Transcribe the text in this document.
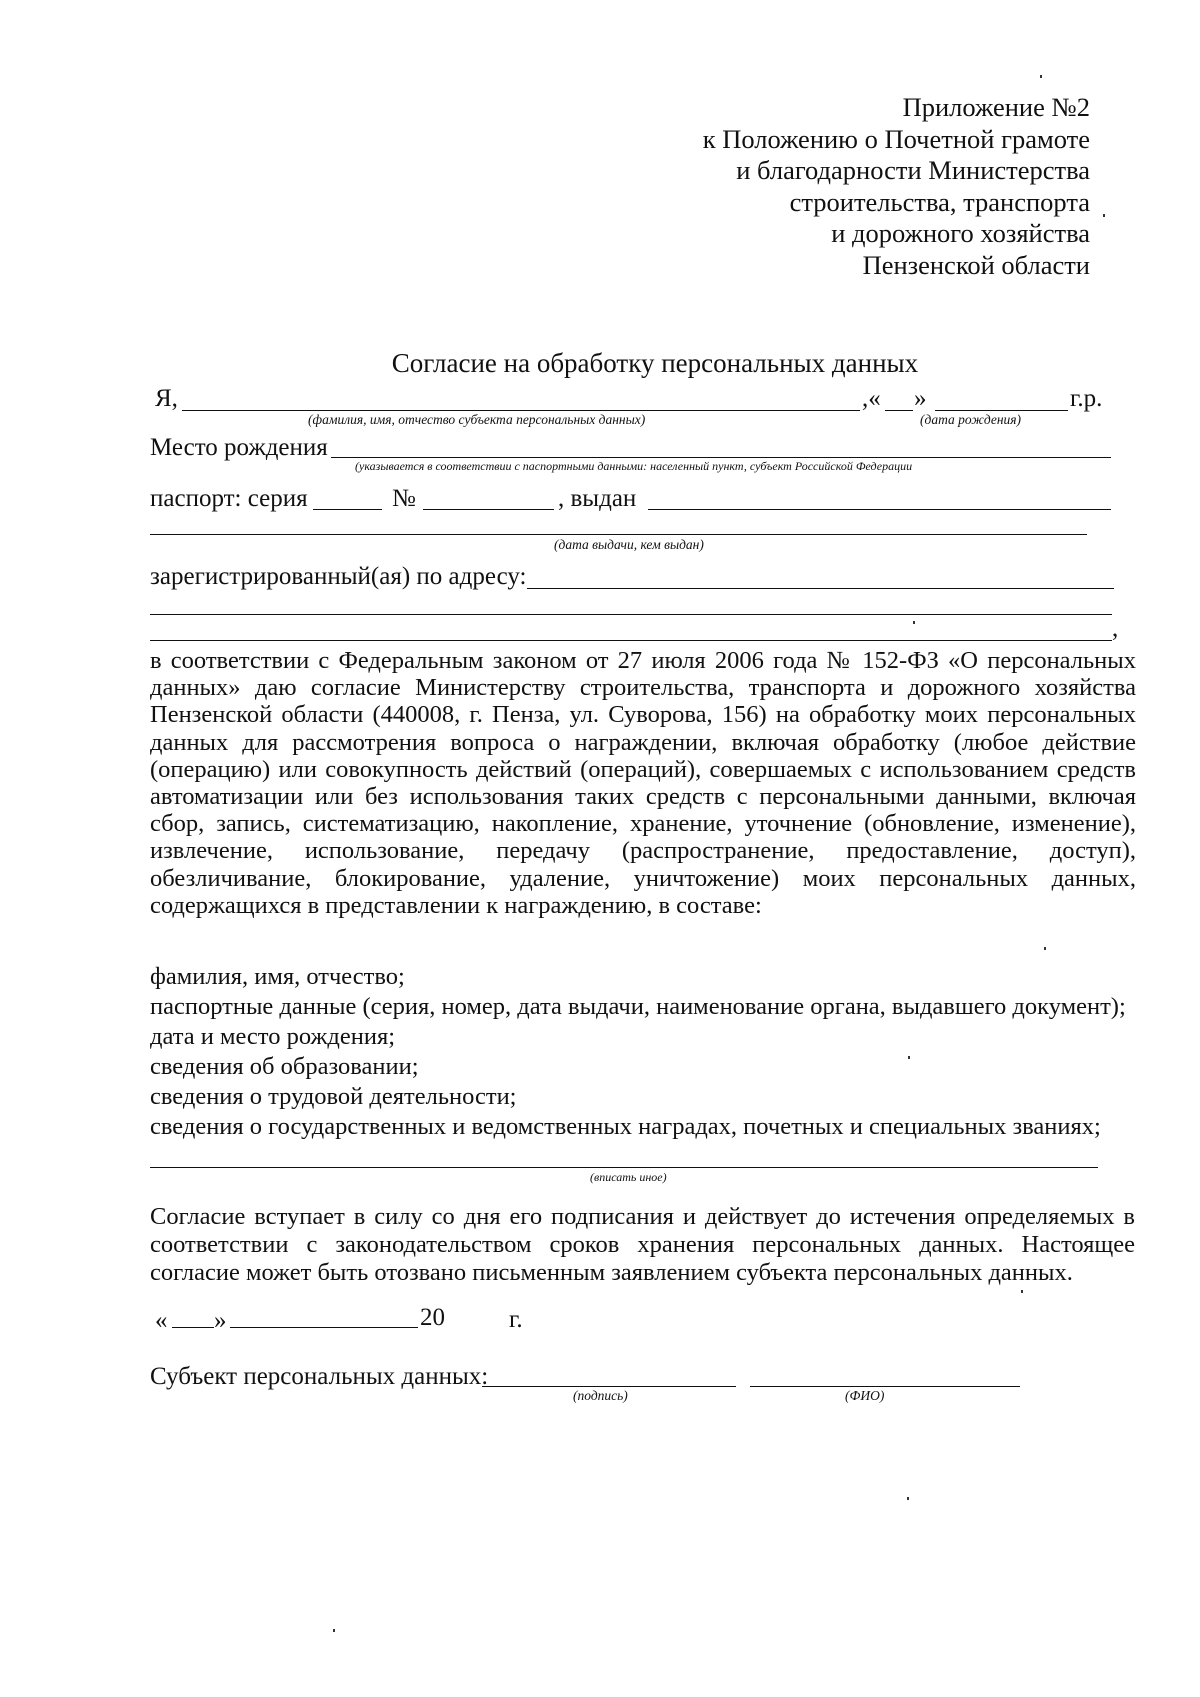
Приложение №2
к Положению о Почетной грамоте
и благодарности Министерства
строительства, транспорта
и дорожного хозяйства
Пензенской области
Согласие на обработку персональных данных
Я,	,« »	г.р.
(фамилия, имя, отчество субъекта персональных данных)	(дата рождения)
Место рождения
(указывается в соответствии с паспортными данными: населенный пункт, субъект Российской Федерации
паспорт: серия	№	, выдан
(дата выдачи, кем выдан)
зарегистрированный(ая) по адресу:
,
в соответствии с Федеральным законом от 27 июля 2006 года № 152-ФЗ «О персональных
данных» даю согласие Министерству строительства, транспорта и дорожного хозяйства
Пензенской области (440008, г. Пенза, ул. Суворова, 156) на обработку моих персональных
данных для рассмотрения вопроса о награждении, включая обработку (любое действие
(операцию) или совокупность действий (операций), совершаемых с использованием средств
автоматизации или без использования таких средств с персональными данными, включая
сбор, запись, систематизацию, накопление, хранение, уточнение (обновление, изменение),
извлечение, использование, передачу (распространение, предоставление, доступ),
обезличивание, блокирование, удаление, уничтожение) моих персональных данных,
содержащихся в представлении к награждению, в составе:
фамилия, имя, отчество;
паспортные данные (серия, номер, дата выдачи, наименование органа, выдавшего документ);
дата и место рождения;
сведения об образовании;
сведения о трудовой деятельности;
сведения о государственных и ведомственных наградах, почетных и специальных званиях;
(вписать иное)
Согласие вступает в силу со дня его подписания и действует до истечения определяемых в
соответствии с законодательством сроков хранения персональных данных. Настоящее
согласие может быть отозвано письменным заявлением субъекта персональных данных.
« »	20	г.
Субъект персональных данных:
(подпись)	(ФИО)
